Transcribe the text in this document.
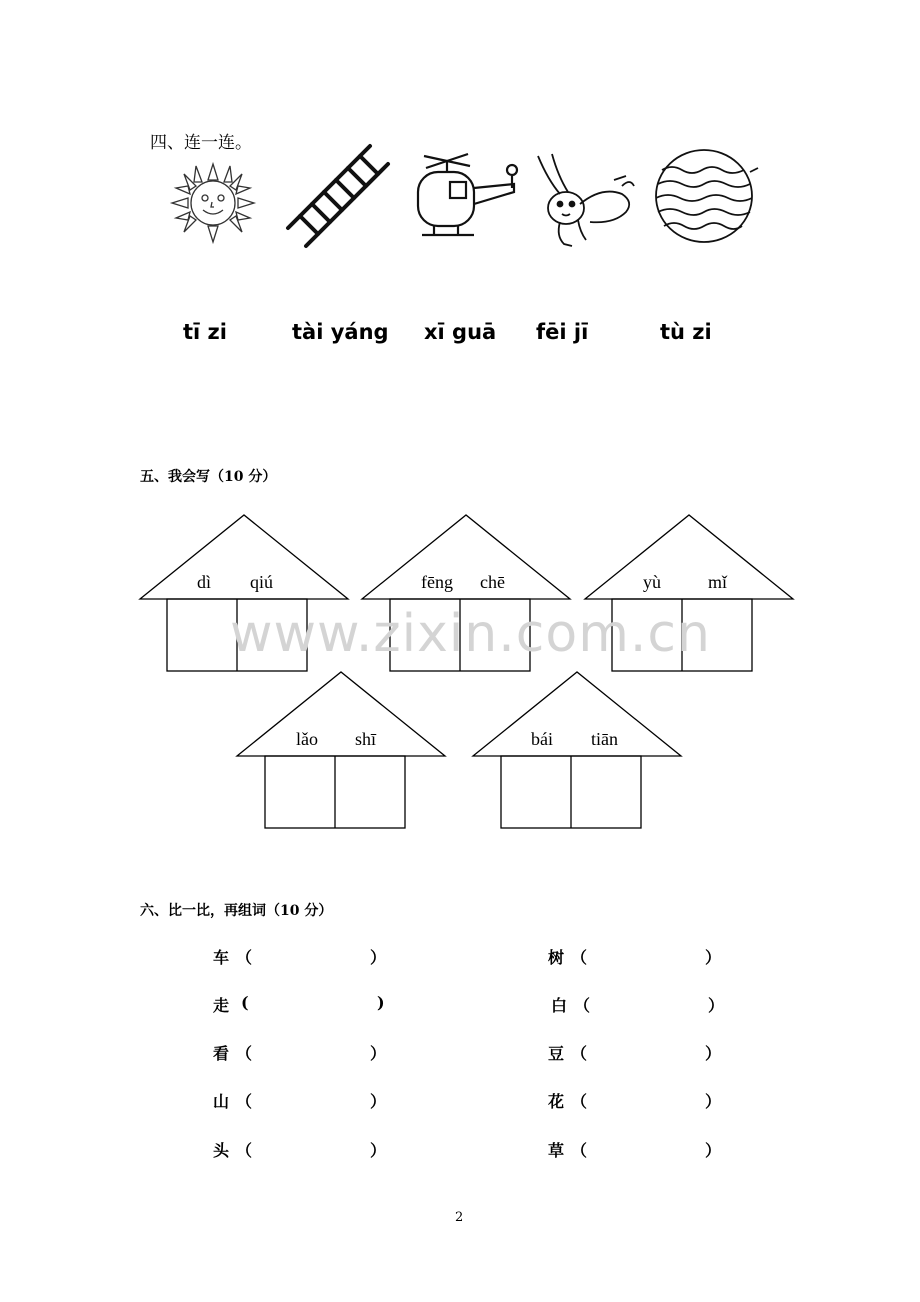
四、连一连。
tī zi	tài yáng xī guā fēi jī	tù zi
五、我会写（10 分）
dì qiú	fēng chē	yù	mǐ
lǎo shī	bái tiān
www.zixin.com.cn
六、比一比，再组词（10 分）
车 （	）	树 （	）
走 (	)	白 （	）
看 （	）	豆 （	）
山 （	）	花 （	）
头 （	）	草 （	）
2
